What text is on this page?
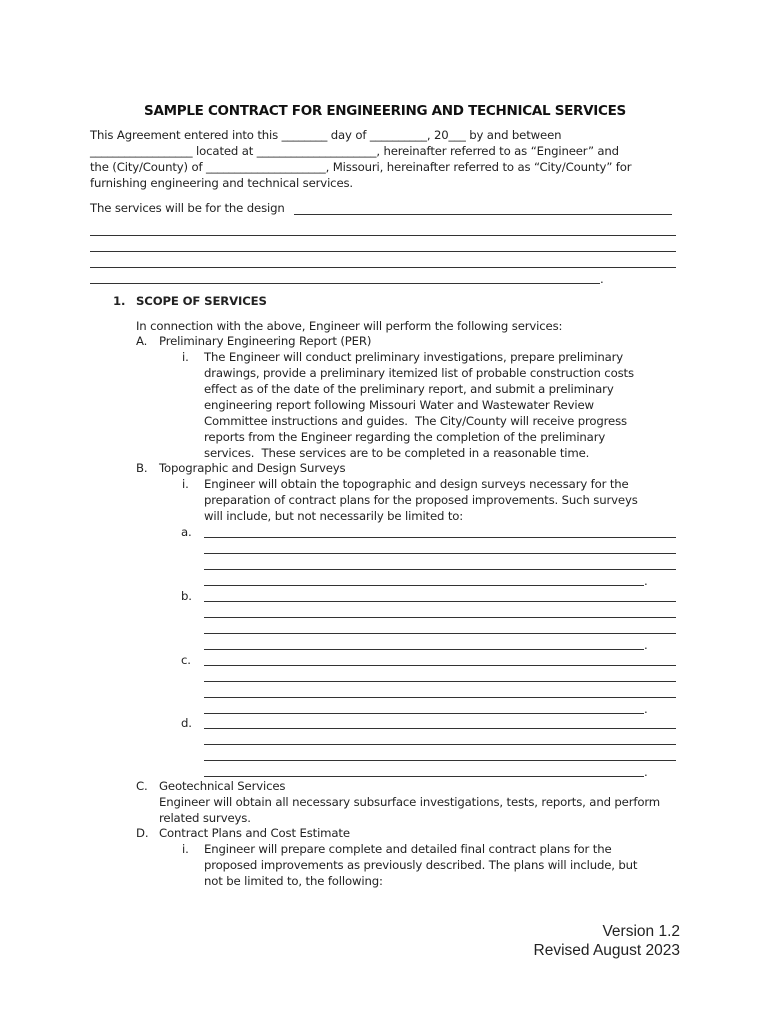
SAMPLE CONTRACT FOR ENGINEERING AND TECHNICAL SERVICES
This Agreement entered into this ________ day of __________, 20___ by and between
__________________ located at _____________________, hereinafter referred to as “Engineer” and
the (City/County) of _____________________, Missouri, hereinafter referred to as “City/County” for
furnishing engineering and technical services.
The services will be for the design
.
1. SCOPE OF SERVICES
In connection with the above, Engineer will perform the following services:
A. Preliminary Engineering Report (PER)
i. The Engineer will conduct preliminary investigations, prepare preliminary
drawings, provide a preliminary itemized list of probable construction costs
effect as of the date of the preliminary report, and submit a preliminary
engineering report following Missouri Water and Wastewater Review
Committee instructions and guides.  The City/County will receive progress
reports from the Engineer regarding the completion of the preliminary
services.  These services are to be completed in a reasonable time.
B. Topographic and Design Surveys
i. Engineer will obtain the topographic and design surveys necessary for the
preparation of contract plans for the proposed improvements. Such surveys
will include, but not necessarily be limited to:
a.
.
b.
.
c.
.
d.
.
C. Geotechnical Services
Engineer will obtain all necessary subsurface investigations, tests, reports, and perform
related surveys.
D. Contract Plans and Cost Estimate
i. Engineer will prepare complete and detailed final contract plans for the
proposed improvements as previously described. The plans will include, but
not be limited to, the following:
Version 1.2
Revised August 2023
